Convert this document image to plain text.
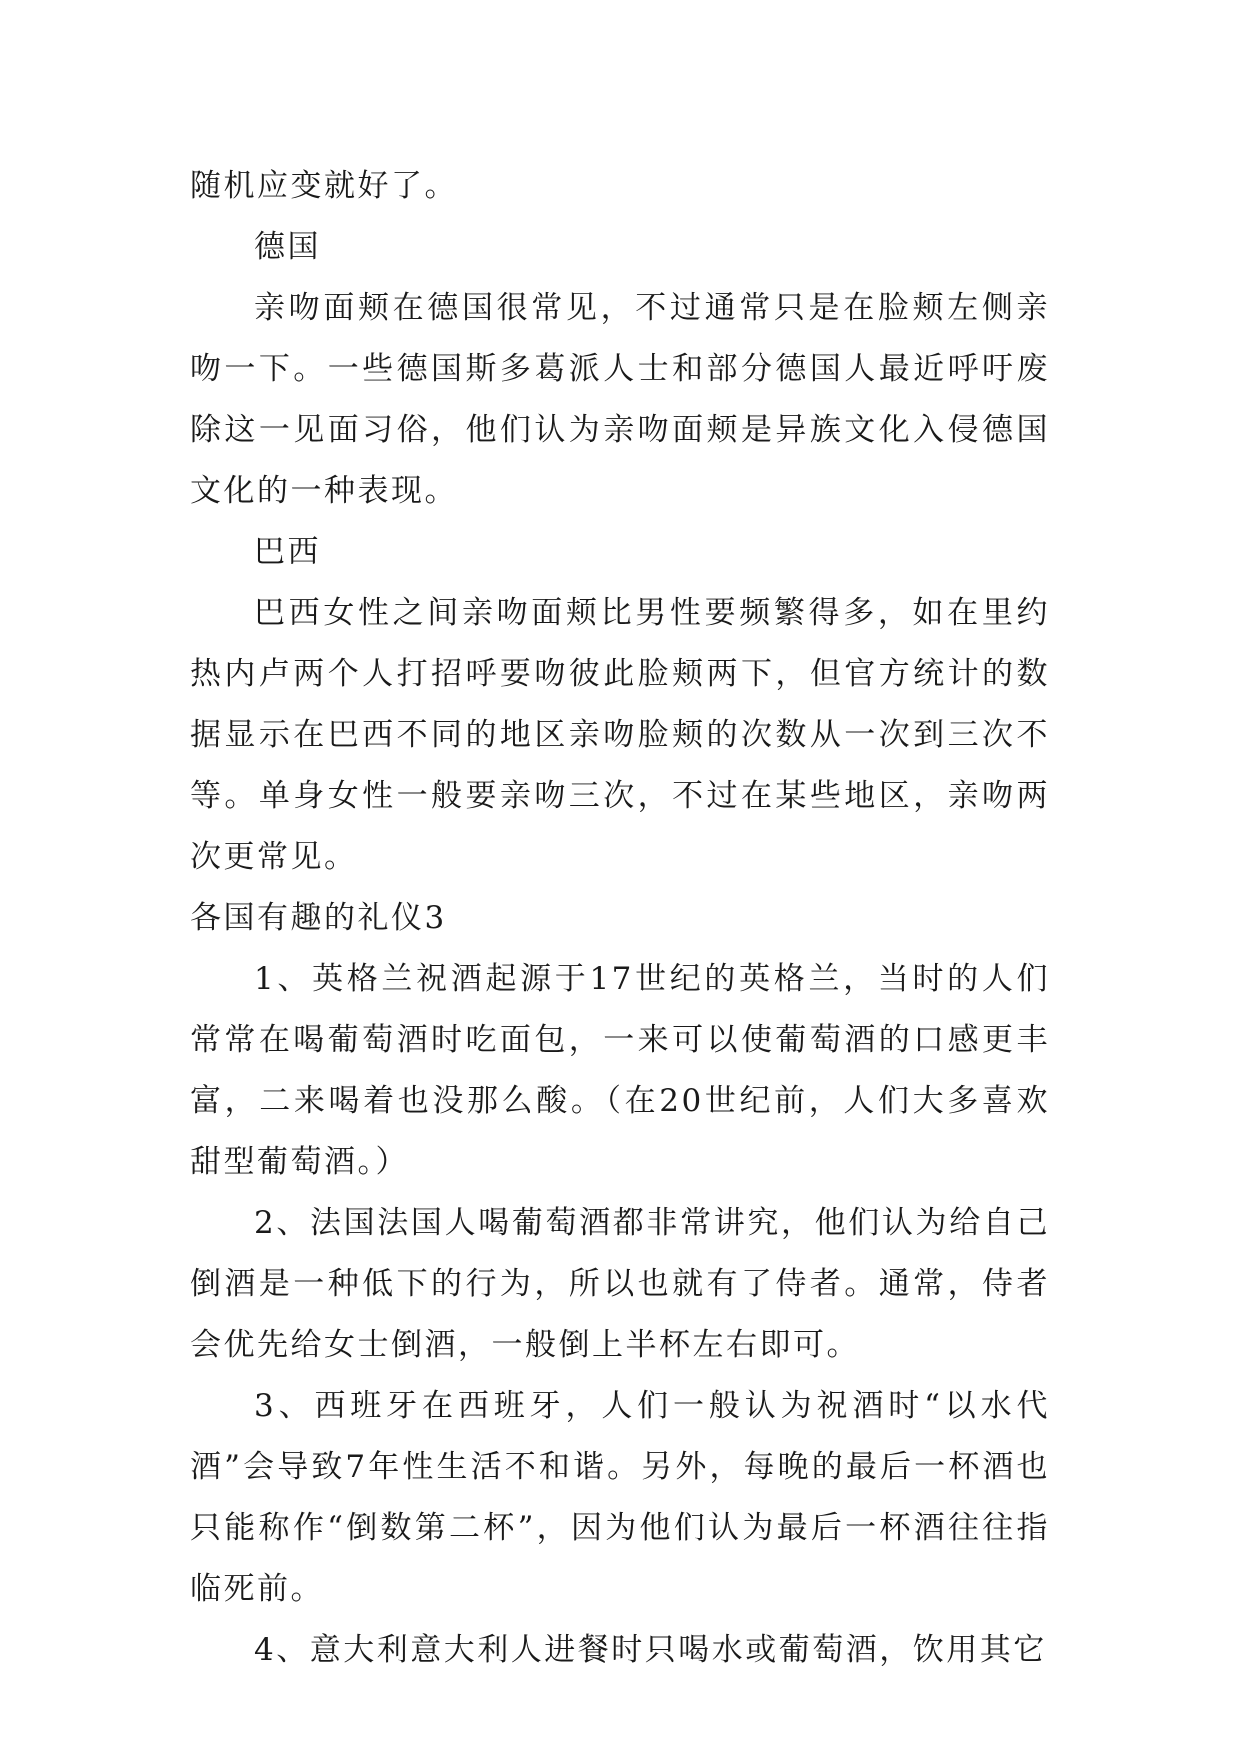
随机应变就好了。

德国

亲吻面颊在德国很常见，不过通常只是在脸颊左侧亲吻一下。一些德国斯多葛派人士和部分德国人最近呼吁废除这一见面习俗，他们认为亲吻面颊是异族文化入侵德国文化的一种表现。

巴西

巴西女性之间亲吻面颊比男性要频繁得多，如在里约热内卢两个人打招呼要吻彼此脸颊两下，但官方统计的数据显示在巴西不同的地区亲吻脸颊的次数从一次到三次不等。单身女性一般要亲吻三次，不过在某些地区，亲吻两次更常见。

各国有趣的礼仪3

1、英格兰祝酒起源于17世纪的英格兰，当时的人们常常在喝葡萄酒时吃面包，一来可以使葡萄酒的口感更丰富，二来喝着也没那么酸。（在20世纪前，人们大多喜欢甜型葡萄酒。）

2、法国法国人喝葡萄酒都非常讲究，他们认为给自己倒酒是一种低下的行为，所以也就有了侍者。通常，侍者会优先给女士倒酒，一般倒上半杯左右即可。

3、西班牙在西班牙，人们一般认为祝酒时“以水代酒”会导致7年性生活不和谐。另外，每晚的最后一杯酒也只能称作“倒数第二杯”，因为他们认为最后一杯酒往往指临死前。

4、意大利意大利人进餐时只喝水或葡萄酒，饮用其它
